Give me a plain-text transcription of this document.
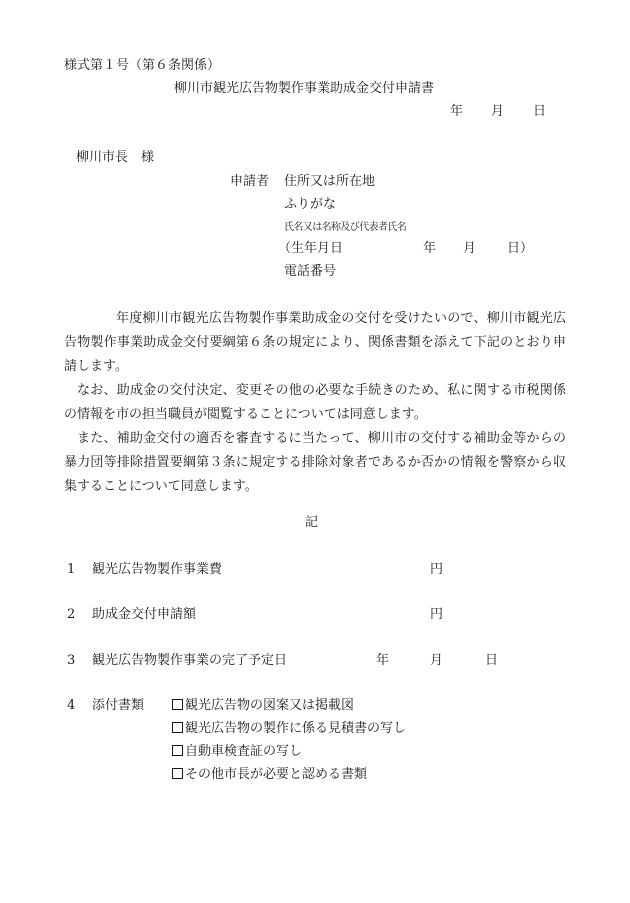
様式第１号（第６条関係）
柳川市観光広告物製作事業助成金交付申請書
年 月 日
柳川市長　様
申請者 住所又は所在地
ふりがな
氏名又は名称及び代表者氏名
（生年月日	年 月 日）
電話番号
年度柳川市観光広告物製作事業助成金の交付を受けたいので、柳川市観光広告物製作事業助成金交付要綱第６条の規定により、関係書類を添えて下記のとおり申請します。
なお、助成金の交付決定、変更その他の必要な手続きのため、私に関する市税関係の情報を市の担当職員が閲覧することについては同意します。
また、補助金交付の適否を審査するに当たって、柳川市の交付する補助金等からの暴力団等排除措置要綱第３条に規定する排除対象者であるか否かの情報を警察から収集することについて同意します。
記
1 観光広告物製作事業費	円
2 助成金交付申請額	円
3 観光広告物製作事業の完了予定日	年	月	日
4 添付書類	観光広告物の図案又は掲載図
観光広告物の製作に係る見積書の写し
自動車検査証の写し
その他市長が必要と認める書類
